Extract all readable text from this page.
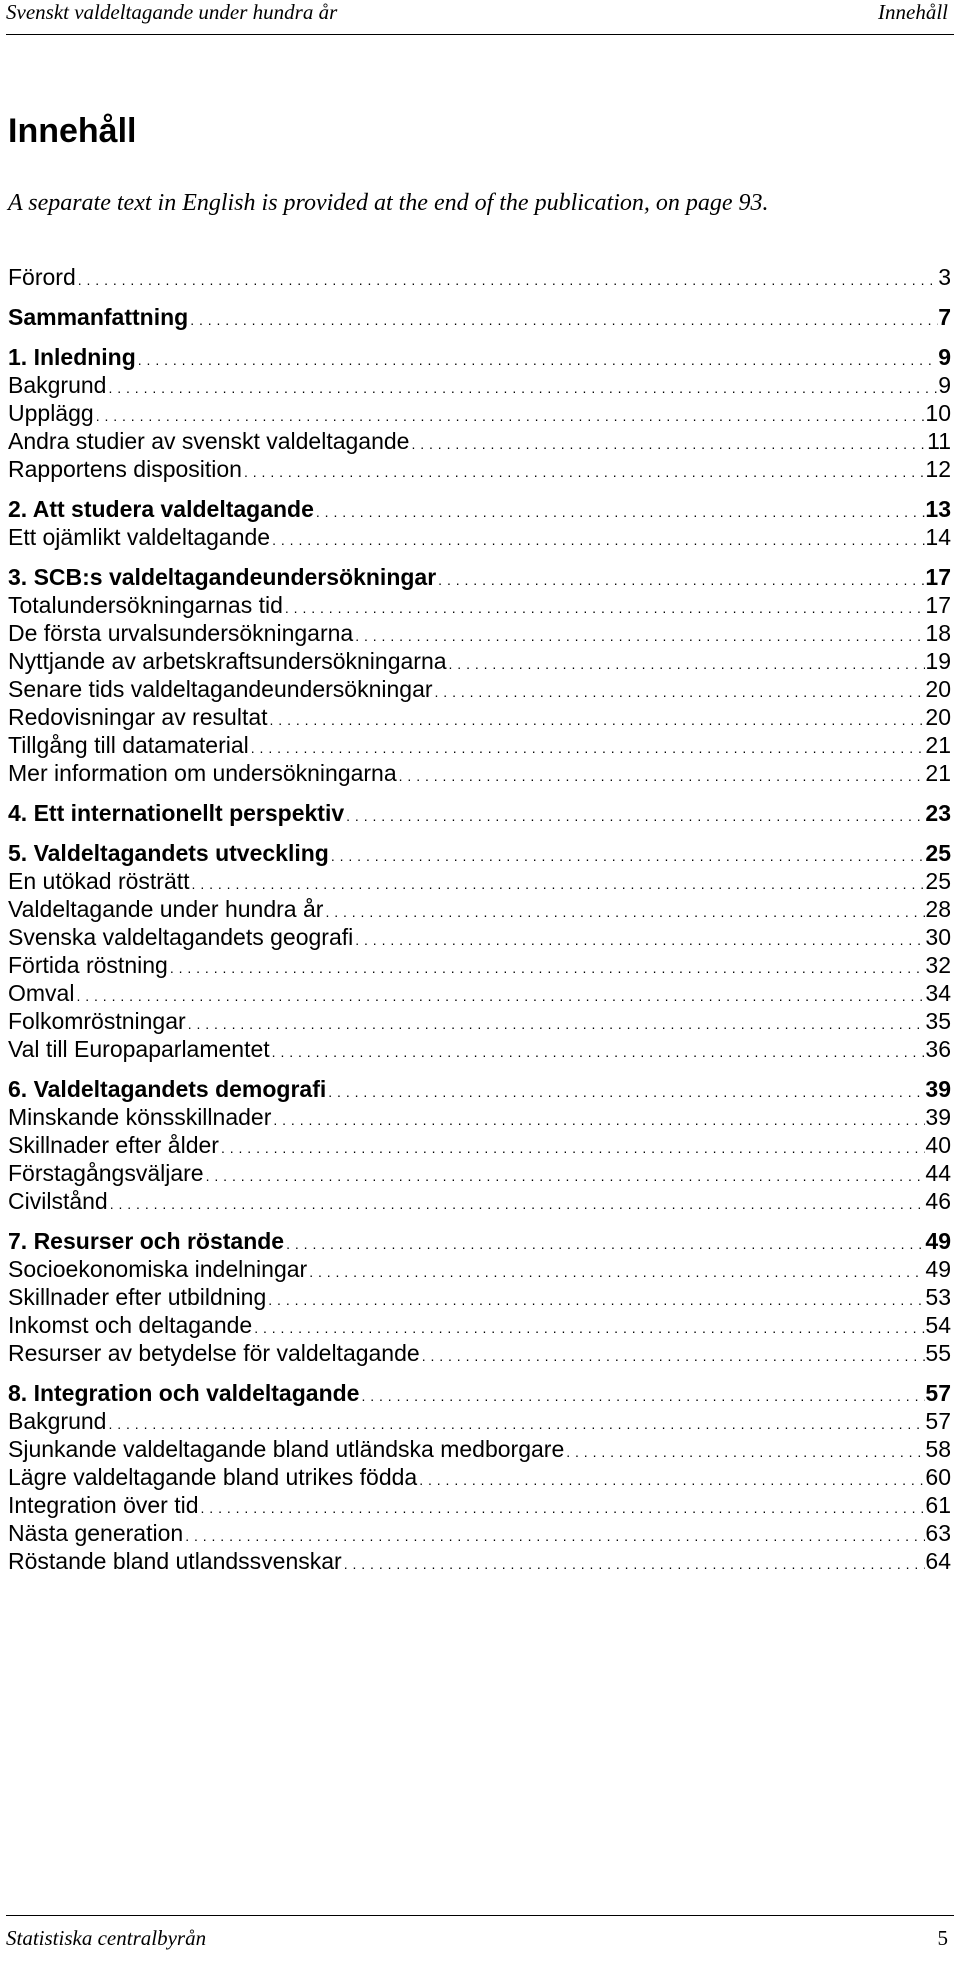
Svenskt valdeltagande under hundra år	Innehåll
Innehåll

A separate text in English is provided at the end of the publication, on page 93.

Förord . . .	3
Sammanfattning . . .	7
1. Inledning . . .	9
Bakgrund . . .	9
Upplägg . . .	10
Andra studier av svenskt valdeltagande . . .	11
Rapportens disposition . . .	12
2. Att studera valdeltagande . . .	13
Ett ojämlikt valdeltagande . . .	14
3. SCB:s valdeltagandeundersökningar . . .	17
Totalundersökningarnas tid . . .	17
De första urvalsundersökningarna . . .	18
Nyttjande av arbetskraftsundersökningarna . . .	19
Senare tids valdeltagandeundersökningar . . .	20
Redovisningar av resultat . . .	20
Tillgång till datamaterial . . .	21
Mer information om undersökningarna . . .	21
4. Ett internationellt perspektiv . . .	23
5. Valdeltagandets utveckling . . .	25
En utökad rösträtt . . .	25
Valdeltagande under hundra år . . .	28
Svenska valdeltagandets geografi . . .	30
Förtida röstning . . .	32
Omval . . .	34
Folkomröstningar . . .	35
Val till Europaparlamentet . . .	36
6. Valdeltagandets demografi . . .	39
Minskande könsskillnader . . .	39
Skillnader efter ålder . . .	40
Förstagångsväljare . . .	44
Civilstånd . . .	46
7. Resurser och röstande . . .	49
Socioekonomiska indelningar . . .	49
Skillnader efter utbildning . . .	53
Inkomst och deltagande . . .	54
Resurser av betydelse för valdeltagande . . .	55
8. Integration och valdeltagande . . .	57
Bakgrund . . .	57
Sjunkande valdeltagande bland utländska medborgare . . .	58
Lägre valdeltagande bland utrikes födda . . .	60
Integration över tid . . .	61
Nästa generation . . .	63
Röstande bland utlandssvenskar . . .	64
Statistiska centralbyrån	5
